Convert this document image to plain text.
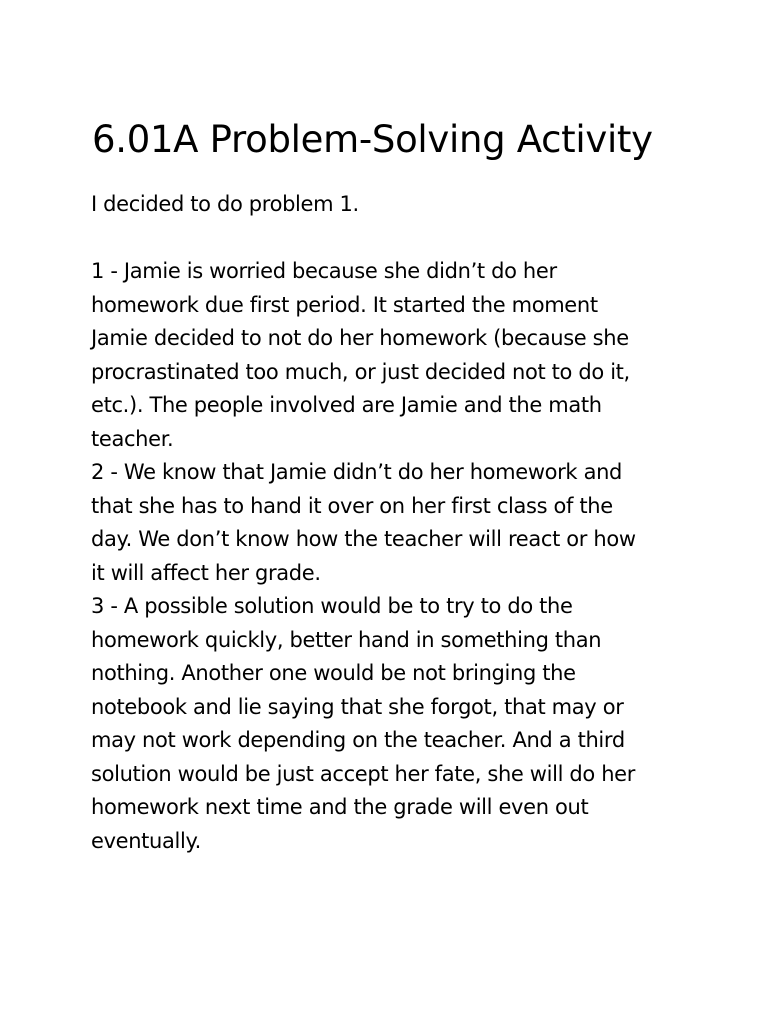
6.01A Problem-Solving Activity

I decided to do problem 1.

1 - Jamie is worried because she didn’t do her
homework due first period. It started the moment
Jamie decided to not do her homework (because she
procrastinated too much, or just decided not to do it,
etc.). The people involved are Jamie and the math
teacher.
2 - We know that Jamie didn’t do her homework and
that she has to hand it over on her first class of the
day. We don’t know how the teacher will react or how
it will affect her grade.
3 - A possible solution would be to try to do the
homework quickly, better hand in something than
nothing. Another one would be not bringing the
notebook and lie saying that she forgot, that may or
may not work depending on the teacher. And a third
solution would be just accept her fate, she will do her
homework next time and the grade will even out
eventually.
